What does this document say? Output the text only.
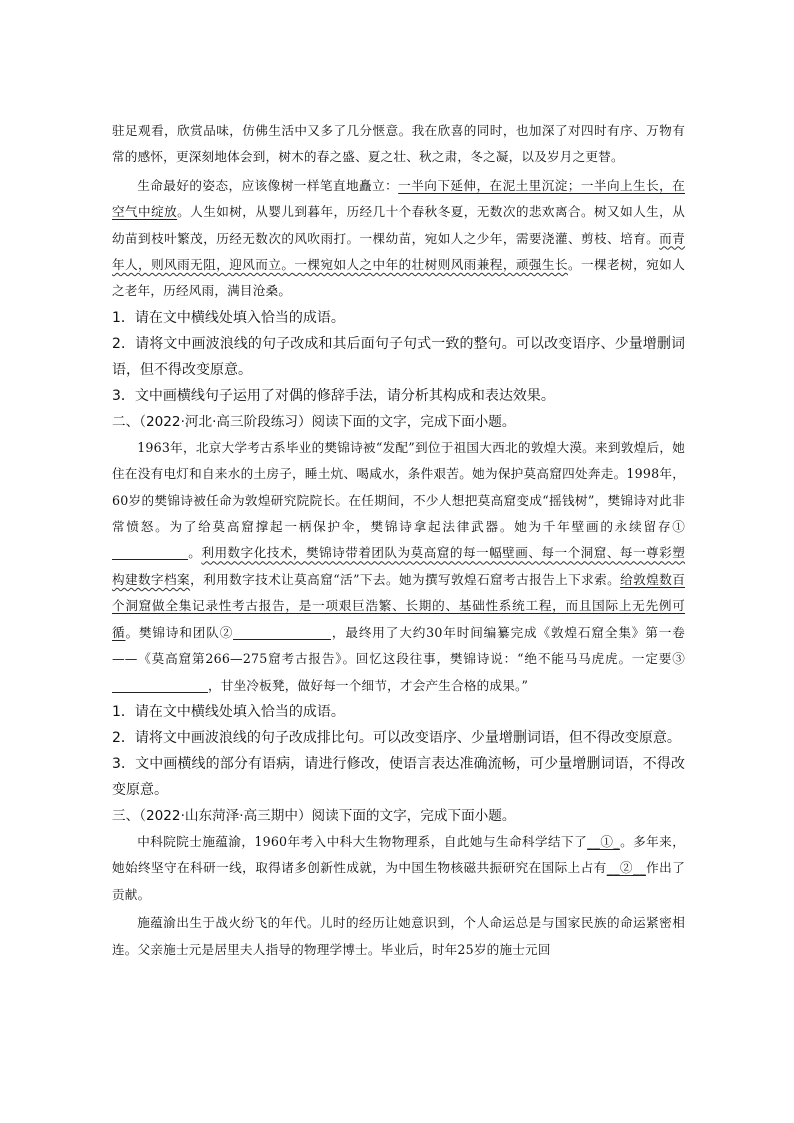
驻足观看，欣赏品味，仿佛生活中又多了几分惬意。我在欣喜的同时，也加深了对四时有序、万物有常的感怀，更深刻地体会到，树木的春之盛、夏之壮、秋之肃，冬之凝，以及岁月之更替。

生命最好的姿态，应该像树一样笔直地矗立：一半向下延伸，在泥土里沉淀；一半向上生长，在空气中绽放。人生如树，从婴儿到暮年，历经几十个春秋冬夏，无数次的悲欢离合。树又如人生，从幼苗到枝叶繁茂，历经无数次的风吹雨打。一棵幼苗，宛如人之少年，需要浇灌、剪枝、培育。而青年人，则风雨无阻，迎风而立。一棵宛如人之中年的壮树则风雨兼程，顽强生长。一棵老树，宛如人之老年，历经风雨，满目沧桑。

1．请在文中横线处填入恰当的成语。

2．请将文中画波浪线的句子改成和其后面句子句式一致的整句。可以改变语序、少量增删词语，但不得改变原意。

3．文中画横线句子运用了对偶的修辞手法，请分析其构成和表达效果。

二、（2022·河北·高三阶段练习）阅读下面的文字，完成下面小题。

1963年，北京大学考古系毕业的樊锦诗被“发配”到位于祖国大西北的敦煌大漠。来到敦煌后，她住在没有电灯和自来水的土房子，睡土炕、喝咸水，条件艰苦。她为保护莫高窟四处奔走。1998年，60岁的樊锦诗被任命为敦煌研究院院长。在任期间，不少人想把莫高窟变成“摇钱树”，樊锦诗对此非常愤怒。为了给莫高窟撑起一柄保护伞，樊锦诗拿起法律武器。她为千年壁画的永续留存①。利用数字化技术，樊锦诗带着团队为莫高窟的每一幅壁画、每一个洞窟、每一尊彩塑构建数字档案，利用数字技术让莫高窟“活”下去。她为撰写敦煌石窟考古报告上下求索。给敦煌数百个洞窟做全集记录性考古报告，是一项艰巨浩繁、长期的、基础性系统工程，而且国际上无先例可循。樊锦诗和团队②	，最终用了大约30年时间编纂完成《敦煌石窟全集》第一卷——《莫高窟第266—275窟考古报告》。回忆这段往事，樊锦诗说：“绝不能马马虎虎。一定要③，甘坐冷板凳，做好每一个细节，才会产生合格的成果。”

1．请在文中横线处填入恰当的成语。

2．请将文中画波浪线的句子改成排比句。可以改变语序、少量增删词语，但不得改变原意。

3．文中画横线的部分有语病，请进行修改，使语言表达准确流畅，可少量增删词语，不得改变原意。

三、（2022·山东菏泽·高三期中）阅读下面的文字，完成下面小题。

中科院院士施蕴渝，1960年考入中科大生物物理系，自此她与生命科学结下了__①_。多年来，她始终坚守在科研一线，取得诸多创新性成就，为中国生物核磁共振研究在国际上占有__②__作出了贡献。

施蕴渝出生于战火纷飞的年代。儿时的经历让她意识到，个人命运总是与国家民族的命运紧密相连。父亲施士元是居里夫人指导的物理学博士。毕业后，时年25岁的施士元回
